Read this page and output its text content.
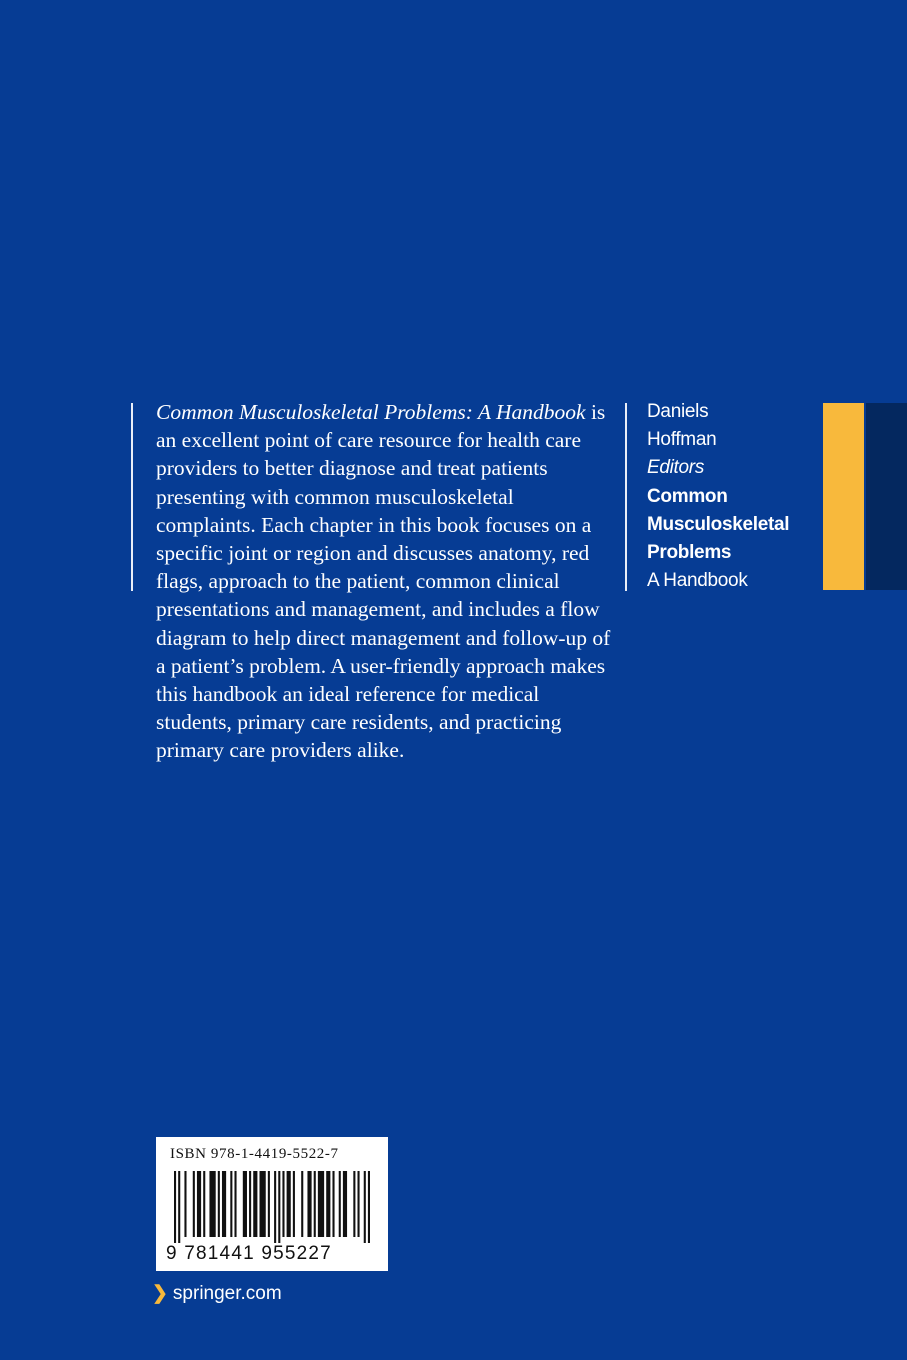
Common Musculoskeletal Problems: A Handbook is an excellent point of care resource for health care providers to better diagnose and treat patients presenting with common musculoskeletal complaints. Each chapter in this book focuses on a specific joint or region and discusses anatomy, red flags, approach to the patient, common clinical presentations and management, and includes a flow diagram to help direct management and follow-up of a patient’s problem. A user-friendly approach makes this handbook an ideal reference for medical students, primary care residents, and practicing primary care providers alike.
Daniels
Hoffman
Editors
Common
Musculoskeletal
Problems
A Handbook
ISBN 978-1-4419-5522-7
9 781441 955227
❯ springer.com
